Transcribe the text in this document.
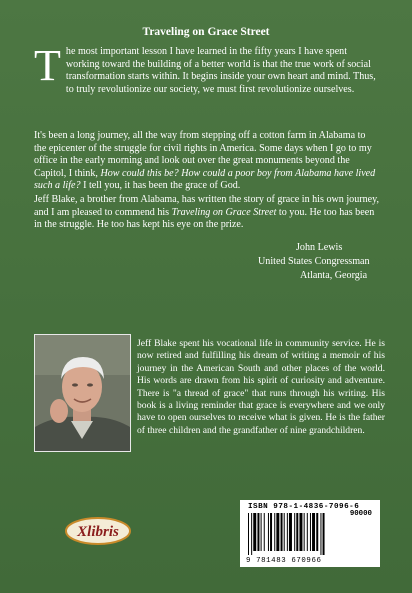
Traveling on Grace Street
The most important lesson I have learned in the fifty years I have spent working toward the building of a better world is that the true work of social transformation starts within. It begins inside your own heart and mind. Thus, to truly revolutionize our society, we must first revolutionize ourselves.
It's been a long journey, all the way from stepping off a cotton farm in Alabama to the epicenter of the struggle for civil rights in America. Some days when I go to my office in the early morning and look out over the great monuments beyond the Capitol, I think, How could this be? How could a poor boy from Alabama have lived such a life? I tell you, it has been the grace of God.
Jeff Blake, a brother from Alabama, has written the story of grace in his own journey, and I am pleased to commend his Traveling on Grace Street to you. He too has been in the struggle. He too has kept his eye on the prize.
John Lewis
United States Congressman
Atlanta, Georgia
Jeff Blake spent his vocational life in community service. He is now retired and fulfilling his dream of writing a memoir of his journey in the American South and other places of the world. His words are drawn from his spirit of curiosity and adventure. There is "a thread of grace" that runs through his writing. His book is a living reminder that grace is everywhere and we only have to open ourselves to receive what is given. He is the father of three children and the grandfather of nine grandchildren.
Xlibris
ISBN 978-1-4836-7096-6
90000
9 781483 670966
